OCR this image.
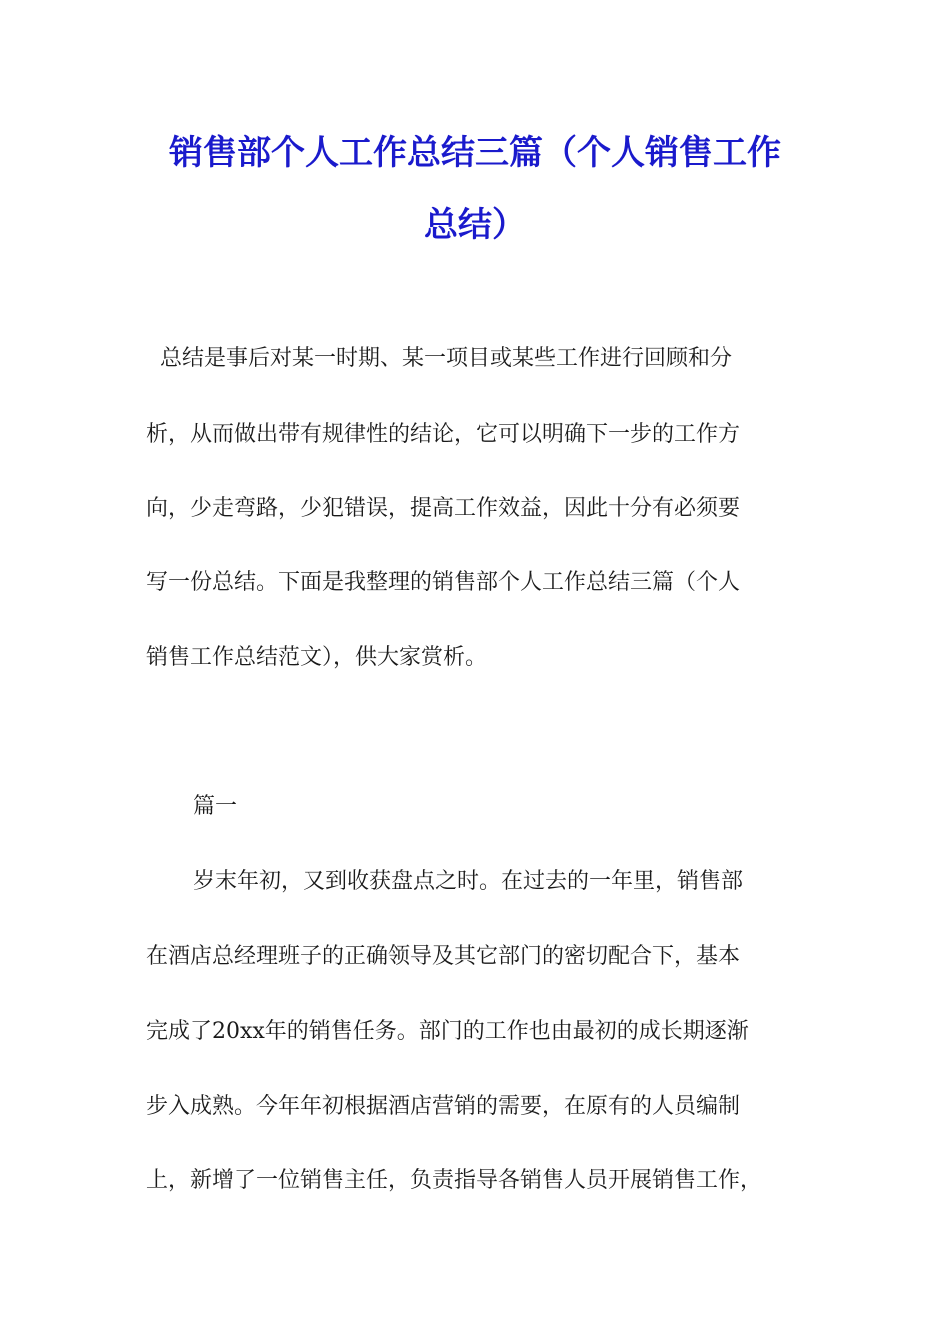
销售部个人工作总结三篇（个人销售工作
总结）
总结是事后对某一时期、某一项目或某些工作进行回顾和分
析，从而做出带有规律性的结论，它可以明确下一步的工作方
向，少走弯路，少犯错误，提高工作效益，因此十分有必须要
写一份总结。下面是我整理的销售部个人工作总结三篇（个人
销售工作总结范文），供大家赏析。
篇一
岁末年初，又到收获盘点之时。在过去的一年里，销售部
在酒店总经理班子的正确领导及其它部门的密切配合下，基本
完成了20xx年的销售任务。部门的工作也由最初的成长期逐渐
步入成熟。今年年初根据酒店营销的需要，在原有的人员编制
上，新增了一位销售主任，负责指导各销售人员开展销售工作，
